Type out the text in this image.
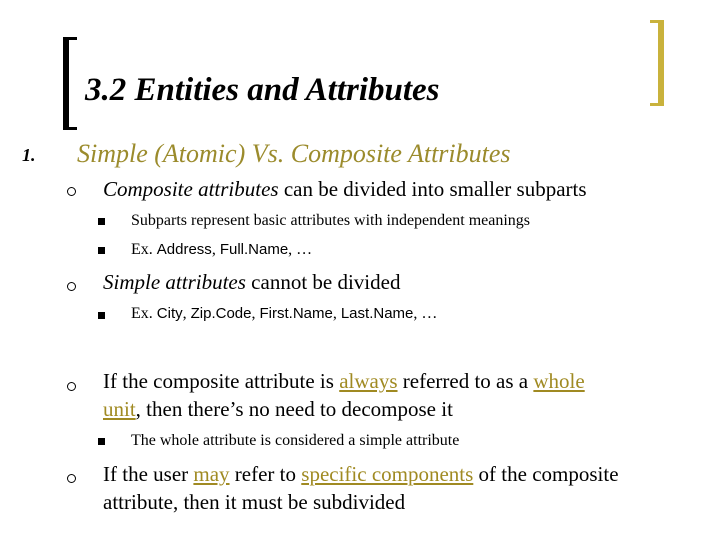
3.2 Entities and Attributes
1. Simple (Atomic) Vs. Composite Attributes
Composite attributes can be divided into smaller subparts
Subparts represent basic attributes with independent meanings
Ex. Address, Full.Name, …
Simple attributes cannot be divided
Ex. City, Zip.Code, First.Name, Last.Name, …
If the composite attribute is always referred to as a whole
unit, then there’s no need to decompose it
The whole attribute is considered a simple attribute
If the user may refer to specific components of the composite
attribute, then it must be subdivided
